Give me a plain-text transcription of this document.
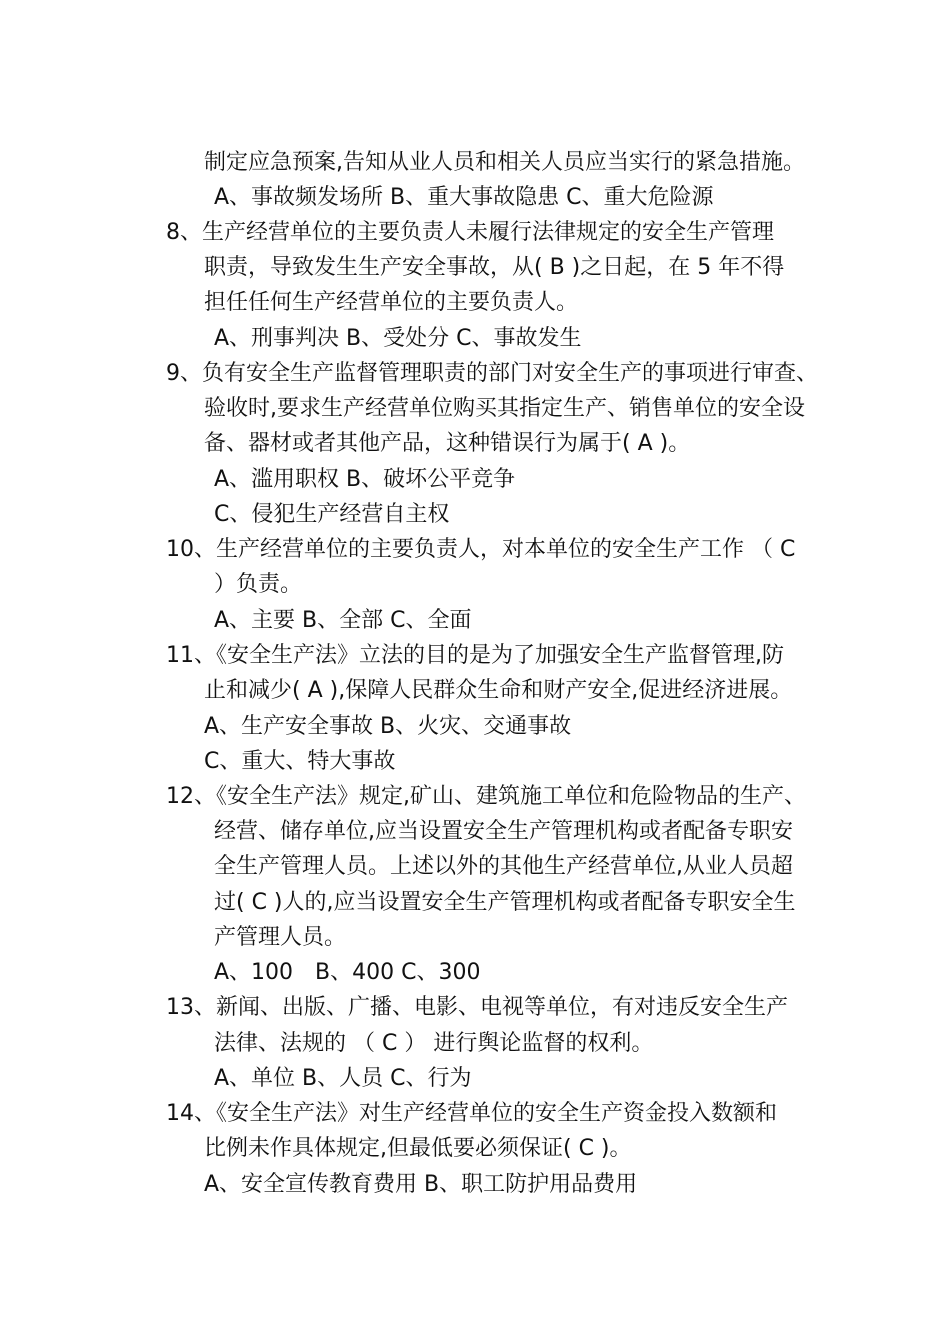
制定应急预案,告知从业人员和相关人员应当实行的紧急措施。
A、事故频发场所 B、重大事故隐患 C、重大危险源
8、生产经营单位的主要负责人未履行法律规定的安全生产管理
职责，导致发生生产安全事故，从( B )之日起，在 5 年不得
担任任何生产经营单位的主要负责人。
A、刑事判决 B、受处分 C、事故发生
9、负有安全生产监督管理职责的部门对安全生产的事项进行审查、
验收时,要求生产经营单位购买其指定生产、销售单位的安全设
备、器材或者其他产品，这种错误行为属于( A )。
A、滥用职权 B、破坏公平竞争
C、侵犯生产经营自主权
10、生产经营单位的主要负责人，对本单位的安全生产工作 （ C
）负责。
A、主要 B、全部 C、全面
11、《安全生产法》立法的目的是为了加强安全生产监督管理,防
止和减少( A ),保障人民群众生命和财产安全,促进经济进展。
A、生产安全事故 B、火灾、交通事故
C、重大、特大事故
12、《安全生产法》规定,矿山、建筑施工单位和危险物品的生产、
经营、储存单位,应当设置安全生产管理机构或者配备专职安
全生产管理人员。上述以外的其他生产经营单位,从业人员超
过( C )人的,应当设置安全生产管理机构或者配备专职安全生
产管理人员。
A、100　B、400 C、300
13、新闻、出版、广播、电影、电视等单位，有对违反安全生产
法律、法规的 （ C ） 进行舆论监督的权利。
A、单位 B、人员 C、行为
14、《安全生产法》对生产经营单位的安全生产资金投入数额和
比例未作具体规定,但最低要必须保证( C )。
A、安全宣传教育费用 B、职工防护用品费用
